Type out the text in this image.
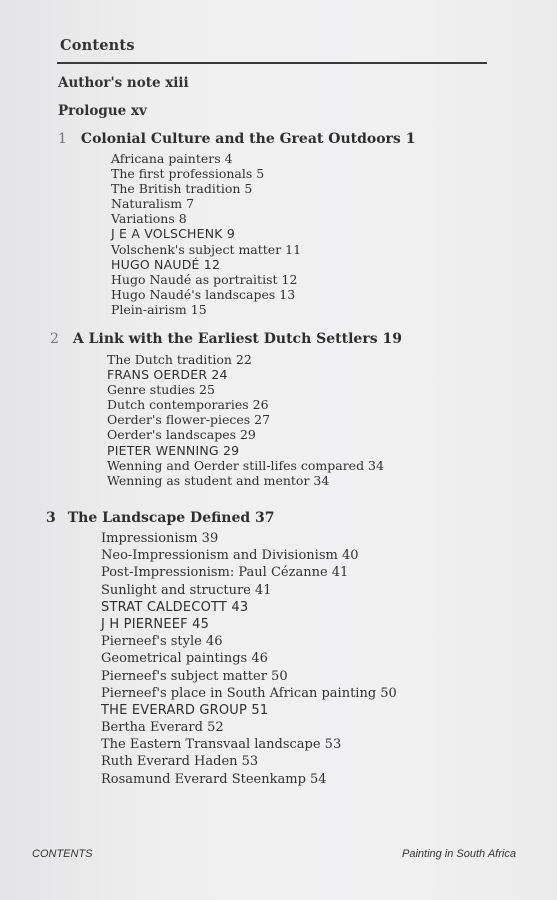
Contents
Author's note xiii
Prologue xv
1 Colonial Culture and the Great Outdoors 1
Africana painters 4
The first professionals 5
The British tradition 5
Naturalism 7
Variations 8
J E A VOLSCHENK 9
Volschenk's subject matter 11
HUGO NAUDÉ 12
Hugo Naudé as portraitist 12
Hugo Naudé's landscapes 13
Plein-airism 15
2 A Link with the Earliest Dutch Settlers 19
The Dutch tradition 22
FRANS OERDER 24
Genre studies 25
Dutch contemporaries 26
Oerder's flower-pieces 27
Oerder's landscapes 29
PIETER WENNING 29
Wenning and Oerder still-lifes compared 34
Wenning as student and mentor 34
3 The Landscape Defined 37
Impressionism 39
Neo-Impressionism and Divisionism 40
Post-Impressionism: Paul Cézanne 41
Sunlight and structure 41
STRAT CALDECOTT 43
J H PIERNEEF 45
Pierneef's style 46
Geometrical paintings 46
Pierneef's subject matter 50
Pierneef's place in South African painting 50
THE EVERARD GROUP 51
Bertha Everard 52
The Eastern Transvaal landscape 53
Ruth Everard Haden 53
Rosamund Everard Steenkamp 54
CONTENTS	Painting in South Africa
